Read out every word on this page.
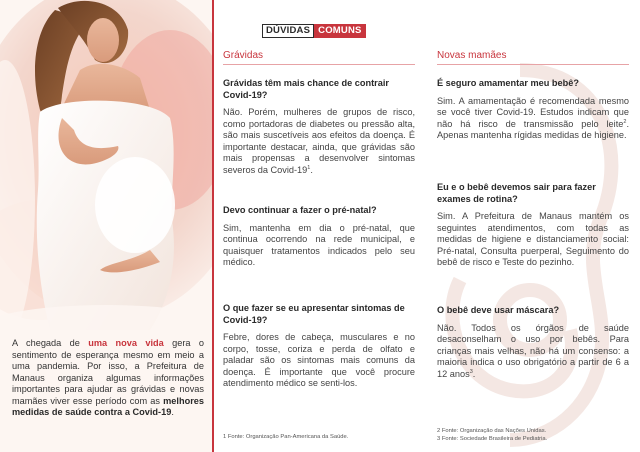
A chegada de uma nova vida gera o sentimento de esperança mesmo em meio a uma pandemia. Por isso, a Prefeitura de Manaus organiza algumas informações importantes para ajudar as grávidas e novas mamães viver esse período com as melhores medidas de saúde contra a Covid-19.

DÚVIDAS COMUNS
Grávidas
Grávidas têm mais chance de contrair Covid-19?

Não. Porém, mulheres de grupos de risco, como portadoras de diabetes ou pressão alta, são mais suscetíveis aos efeitos da doença. É importante destacar, ainda, que grávidas são mais propensas a desenvolver sintomas severos da Covid-$19^1$.

Devo continuar a fazer o pré-natal?

Sim, mantenha em dia o pré-natal, que continua ocorrendo na rede municipal, e quaisquer tratamentos indicados pelo seu médico.

O que fazer se eu apresentar sintomas de Covid-19?

Febre, dores de cabeça, musculares e no corpo, tosse, coriza e perda de olfato e paladar são os sintomas mais comuns da doença. É importante que você procure atendimento médico se senti-los.

1 Fonte: Organização Pan-Americana da Saúde.
Novas mamães
É seguro amamentar meu bebê?

Sim. A amamentação é recomendada mesmo se você tiver Covid-19. Estudos indicam que não há risco de transmissão pelo leite$^2$. Apenas mantenha rígidas medidas de higiene.

Eu e o bebê devemos sair para fazer exames de rotina?

Sim. A Prefeitura de Manaus mantém os seguintes atendimentos, com todas as medidas de higiene e distanciamento social: Pré-natal, Consulta puerperal, Seguimento do bebê de risco e Teste do pezinho.

O bebê deve usar máscara?

Não. Todos os órgãos de saúde desaconselham o uso por bebês. Para crianças mais velhas, não há um consenso: a maioria indica o uso obrigatório a partir de 6 a 12 anos$^3$.

2 Fonte: Organização das Nações Unidas.
3 Fonte: Sociedade Brasileira de Pediatria.
